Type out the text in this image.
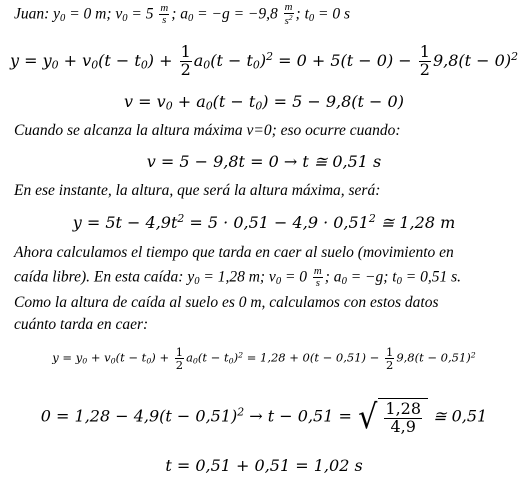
Juan: $y_0 = 0$ m; $v_0 = 5 \frac{m}{s}$ ; $a_0 = -g = -9,8 \frac{m}{s^2}$ ; $t_0 = 0$ s
$y = y_0 + v_0(t - t_0) + \frac{1}{2} a_0(t - t_0)^2 = 0 + 5(t - 0) - \frac{1}{2} 9,8(t - 0)^2$
$v = v_0 + a_0(t - t_0) = 5 - 9,8(t - 0)$
Cuando se alcanza la altura máxima v=0; eso ocurre cuando:
v = 5 − 9,8t = 0 → t ≅ 0,51 s
En ese instante, la altura, que será la altura máxima, será:
$y = 5t - 4,9t^2 = 5 \cdot 0,51 - 4,9 \cdot 0,51^2$ ≅ 1,28 m
Ahora calculamos el tiempo que tarda en caer al suelo (movimiento en
caída libre). En esta caída: $y_0 = 1,28$ m; $v_0 = 0 \frac{m}{s}$ ; $a_0 = -g$; $t_0 = 0,51$ s.
Como la altura de caída al suelo es 0 m, calculamos con estos datos
cuánto tarda en caer:
$y = y_0 + v_0(t - t_0) + \frac{1}{2} a_0(t - t_0)^2 = 1,28 + 0(t - 0,51) - \frac{1}{2} 9,8(t - 0,51)^2$
$0 = 1,28 - 4,9(t - 0,51)^2 \to t - 0,51$ = √ $\frac{1,28}{4,9}$ ≅ 0,51
t = 0,51 + 0,51 = 1,02 s
